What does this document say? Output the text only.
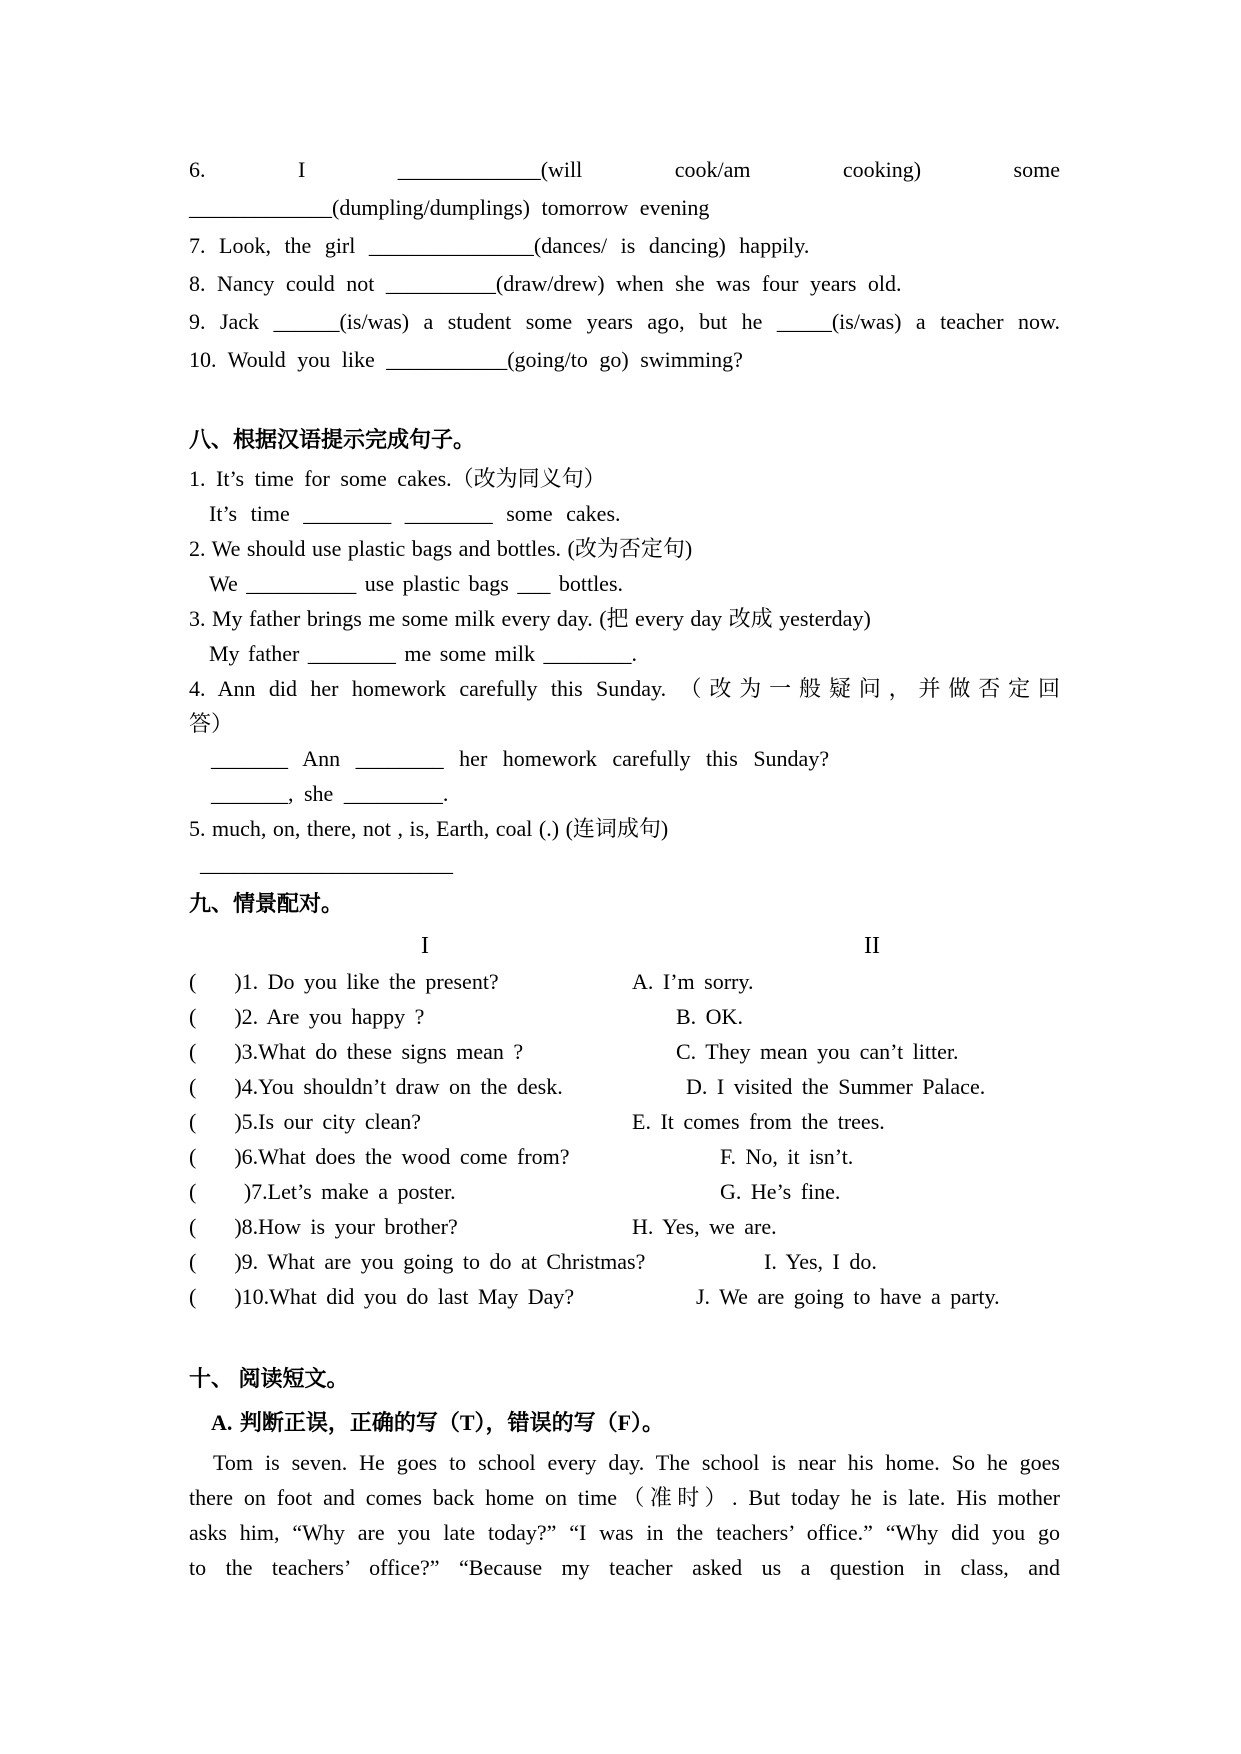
6. I _____________(will cook/am cooking) some
_____________(dumpling/dumplings) tomorrow evening
7. Look, the girl _______________(dances/ is dancing) happily.
8. Nancy could not __________(draw/drew) when she was four years old.
9. Jack ______(is/was) a student some years ago, but he _____(is/was) a teacher now.
10. Would you like ___________(going/to go) swimming?
八、根据汉语提示完成句子。
1. It’s time for some cakes.（改为同义句）
It’s time ________ ________ some cakes.
2. We should use plastic bags and bottles. (改为否定句)
We __________ use plastic bags ___ bottles.
3. My father brings me some milk every day. (把 every day 改成 yesterday)
My father ________ me some milk ________.
4. Ann did her homework carefully this Sunday. （改为一般疑问，并做否定回
答）
_______ Ann ________ her homework carefully this Sunday?
_______, she _________.
5. much, on, there, not , is, Earth, coal (.) (连词成句)
_______________________
九、情景配对。
I	II
(    )1. Do you like the present?	A. I’m sorry.
(    )2. Are you happy ?	B. OK.
(    )3.What do these signs mean ?	C. They mean you can’t litter.
(    )4.You shouldn’t draw on the desk.	D. I visited the Summer Palace.
(    )5.Is our city clean?	E. It comes from the trees.
(    )6.What does the wood come from?	F. No, it isn’t.
(     )7.Let’s make a poster.	G. He’s fine.
(    )8.How is your brother?	H. Yes, we are.
(    )9. What are you going to do at Christmas?	I. Yes, I do.
(    )10.What did you do last May Day?	J. We are going to have a party.
十、 阅读短文。
A. 判断正误，正确的写（T），错误的写（F）。
Tom is seven. He goes to school every day. The school is near his home. So he goes
there on foot and comes back home on time（准时）. But today he is late. His mother
asks him, “Why are you late today?” “I was in the teachers’ office.” “Why did you go
to the teachers’ office?” “Because my teacher asked us a question in class, and
